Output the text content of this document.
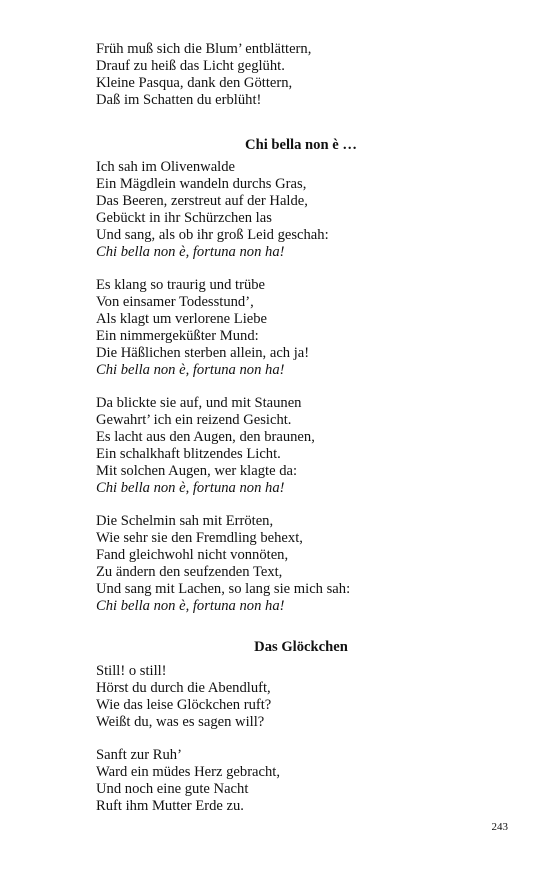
Früh muß sich die Blum’ entblättern,
Drauf zu heiß das Licht geglüht.
Kleine Pasqua, dank den Göttern,
Daß im Schatten du erblüht!
Chi bella non è …
Ich sah im Olivenwalde
Ein Mägdlein wandeln durchs Gras,
Das Beeren, zerstreut auf der Halde,
Gebückt in ihr Schürzchen las
Und sang, als ob ihr groß Leid geschah:
Chi bella non è, fortuna non ha!
Es klang so traurig und trübe
Von einsamer Todesstund’,
Als klagt um verlorene Liebe
Ein nimmergeküßter Mund:
Die Häßlichen sterben allein, ach ja!
Chi bella non è, fortuna non ha!
Da blickte sie auf, und mit Staunen
Gewahrt’ ich ein reizend Gesicht.
Es lacht aus den Augen, den braunen,
Ein schalkhaft blitzendes Licht.
Mit solchen Augen, wer klagte da:
Chi bella non è, fortuna non ha!
Die Schelmin sah mit Erröten,
Wie sehr sie den Fremdling behext,
Fand gleichwohl nicht vonnöten,
Zu ändern den seufzenden Text,
Und sang mit Lachen, so lang sie mich sah:
Chi bella non è, fortuna non ha!
Das Glöckchen
Still! o still!
Hörst du durch die Abendluft,
Wie das leise Glöckchen ruft?
Weißt du, was es sagen will?
Sanft zur Ruh’
Ward ein müdes Herz gebracht,
Und noch eine gute Nacht
Ruft ihm Mutter Erde zu.
243
